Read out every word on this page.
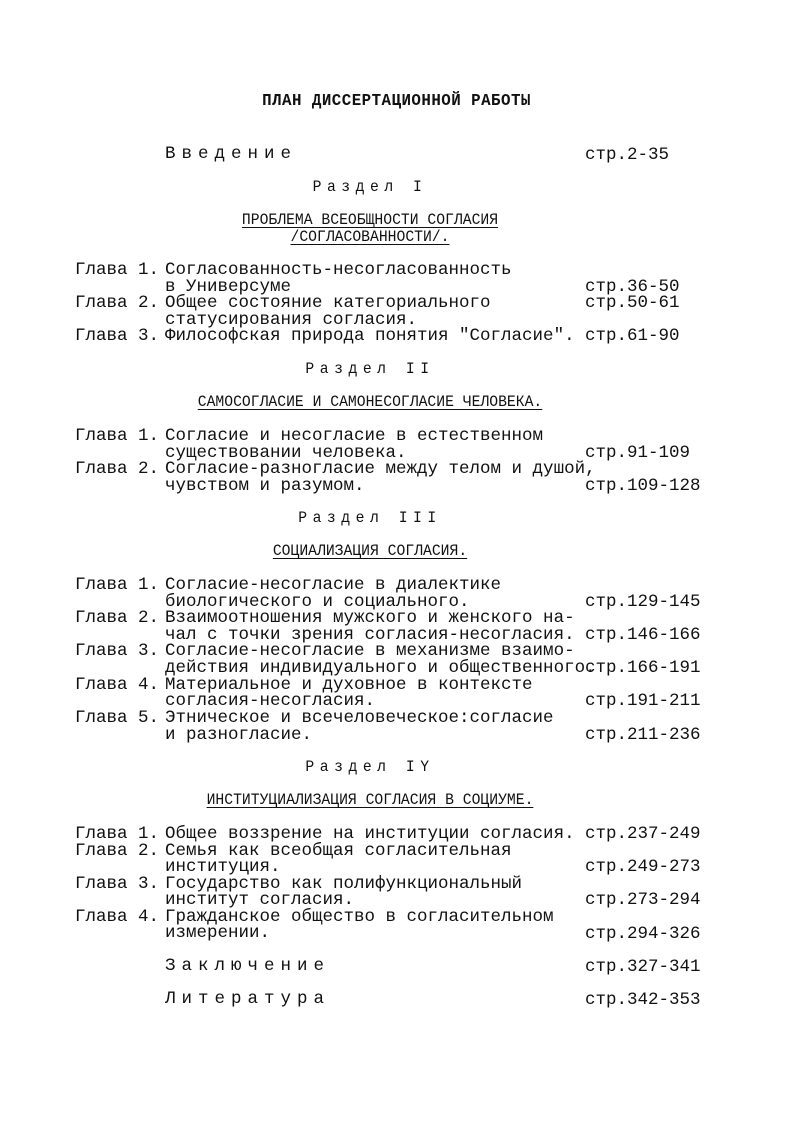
ПЛАН ДИССЕРТАЦИОННОЙ РАБОТЫ
Введение	стр.2-35
Раздел I
ПРОБЛЕМА ВСЕОБЩНОСТИ СОГЛАСИЯ
/СОГЛАСОВАННОСТИ/.
Глава 1. Согласованность-несогласованность
в Универсуме	стр.36-50
Глава 2. Общее состояние категориального	стр.50-61
статусирования согласия.
Глава 3. Философская природа понятия "Согласие". стр.61-90
Раздел II
САМОСОГЛАСИЕ И САМОНЕСОГЛАСИЕ ЧЕЛОВЕКА.
Глава 1. Согласие и несогласие в естественном
существовании человека.	стр.91-109
Глава 2. Согласие-разногласие между телом и душой,
чувством и разумом.	стр.109-128
Раздел III
СОЦИАЛИЗАЦИЯ СОГЛАСИЯ.
Глава 1. Согласие-несогласие в диалектике
биологического и социального.	стр.129-145
Глава 2. Взаимоотношения мужского и женского на-
чал с точки зрения согласия-несогласия. стр.146-166
Глава 3. Согласие-несогласие в механизме взаимо-
действия индивидуального и общественного.
стр.166-191
Глава 4. Материальное и духовное в контексте
согласия-несогласия.	стр.191-211
Глава 5. Этническое и всечеловеческое:согласие
и разногласие.	стр.211-236
Раздел IY
ИНСТИТУЦИАЛИЗАЦИЯ СОГЛАСИЯ В СОЦИУМЕ.
Глава 1. Общее воззрение на институции согласия. стр.237-249
Глава 2. Семья как всеобщая согласительная
институция.	стр.249-273
Глава 3. Государство как полифункциональный
институт согласия.	стр.273-294
Глава 4. Гражданское общество в согласительном
измерении.	стр.294-326
Заключение	стр.327-341
Литература	стр.342-353
